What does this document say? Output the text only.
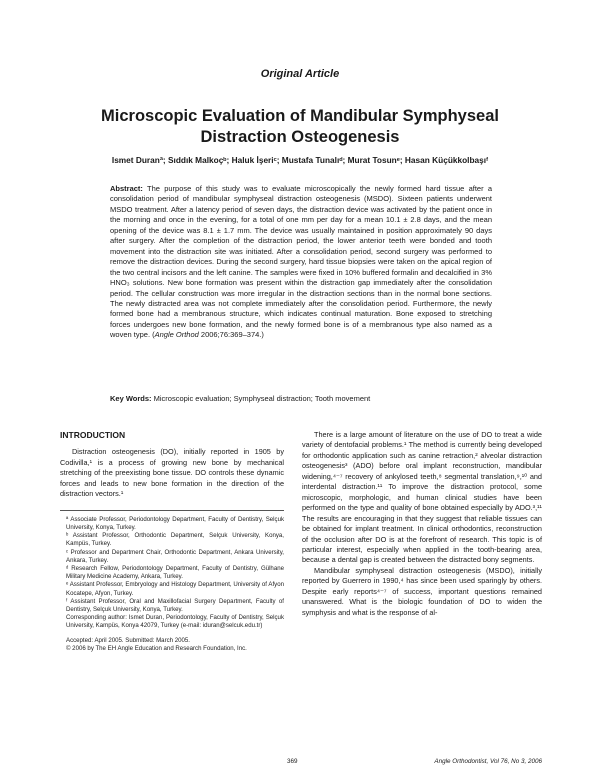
Original Article
Microscopic Evaluation of Mandibular Symphyseal Distraction Osteogenesis
Ismet Duranª; Sıddık Malkoçᵇ; Haluk İşeriᶜ; Mustafa Tunalıᵈ; Murat Tosunᵉ; Hasan Küçükkolbaşıᶠ
Abstract: The purpose of this study was to evaluate microscopically the newly formed hard tissue after a consolidation period of mandibular symphyseal distraction osteogenesis (MSDO). Sixteen patients underwent MSDO treatment. After a latency period of seven days, the distraction device was activated by the patient once in the morning and once in the evening, for a total of one mm per day for a mean 10.1 ± 2.8 days, and the mean opening of the device was 8.1 ± 1.7 mm. The device was usually maintained in position approximately 90 days after surgery. After the completion of the distraction period, the lower anterior teeth were bonded and tooth movement into the distraction site was initiated. After a consolidation period, second surgery was performed to remove the distraction devices. During the second surgery, hard tissue biopsies were taken on the apical region of the two central incisors and the left canine. The samples were fixed in 10% buffered formalin and decalcified in 3% HNO₃ solutions. New bone formation was present within the distraction gap immediately after the consolidation period. The cellular construction was more irregular in the distraction sections than in the normal bone sections. The newly distracted area was not complete immediately after the consolidation period. Furthermore, the newly formed bone had a membranous structure, which indicates continual maturation. Bone exposed to stretching forces undergoes new bone formation, and the newly formed bone is of a membranous type also named as a woven type. (Angle Orthod 2006;76:369–374.)
Key Words: Microscopic evaluation; Symphyseal distraction; Tooth movement
INTRODUCTION

Distraction osteogenesis (DO), initially reported in 1905 by Codivilla,¹ is a process of growing new bone by mechanical stretching of the preexisting bone tissue. DO controls these dynamic forces and leads to new bone formation in the direction of the distraction vectors.¹

ª Associate Professor, Periodontology Department, Faculty of Dentistry, Selçuk University, Konya, Turkey.

ᵇ Assistant Professor, Orthodontic Department, Selçuk University, Konya, Kampüs, Turkey.

ᶜ Professor and Department Chair, Orthodontic Department, Ankara University, Ankara, Turkey.

ᵈ Research Fellow, Periodontology Department, Faculty of Dentistry, Gülhane Military Medicine Academy, Ankara, Turkey.

ᵉ Assistant Professor, Embryology and Histology Department, University of Afyon Kocatepe, Afyon, Turkey.

ᶠ Assistant Professor, Oral and Maxillofacial Surgery Department, Faculty of Dentistry, Selçuk University, Konya, Turkey.

Corresponding author: Ismet Duran, Periodontology, Faculty of Dentistry, Selçuk University, Kampüs, Konya 42079, Turkey (e-mail: iduran@selcuk.edu.tr)

Accepted: April 2005. Submitted: March 2005.

© 2006 by The EH Angle Education and Research Foundation, Inc.

There is a large amount of literature on the use of DO to treat a wide variety of dentofacial problems.¹ The method is currently being developed for orthodontic application such as canine retraction,² alveolar distraction osteogenesis³ (ADO) before oral implant reconstruction, mandibular widening,⁴⁻⁷ recovery of ankylosed teeth,⁸ segmental translation,⁹,¹⁰ and interdental distraction.¹¹ To improve the distraction protocol, some microscopic, morphologic, and human clinical studies have been performed on the type and quality of bone obtained especially by ADO.³,¹¹ The results are encouraging in that they suggest that reliable tissues can be obtained for implant treatment. In clinical orthodontics, reconstruction of the occlusion after DO is at the forefront of research. This topic is of particular interest, especially when applied in the tooth-bearing area, because a dental gap is created between the distracted bony segments.

Mandibular symphyseal distraction osteogenesis (MSDO), initially reported by Guerrero in 1990,⁴ has since been used sparingly by others. Despite early reports⁴⁻⁷ of success, important questions remained unanswered. What is the biologic foundation of DO to widen the symphysis and what is the response of al-

369	Angle Orthodontist, Vol 76, No 3, 2006
